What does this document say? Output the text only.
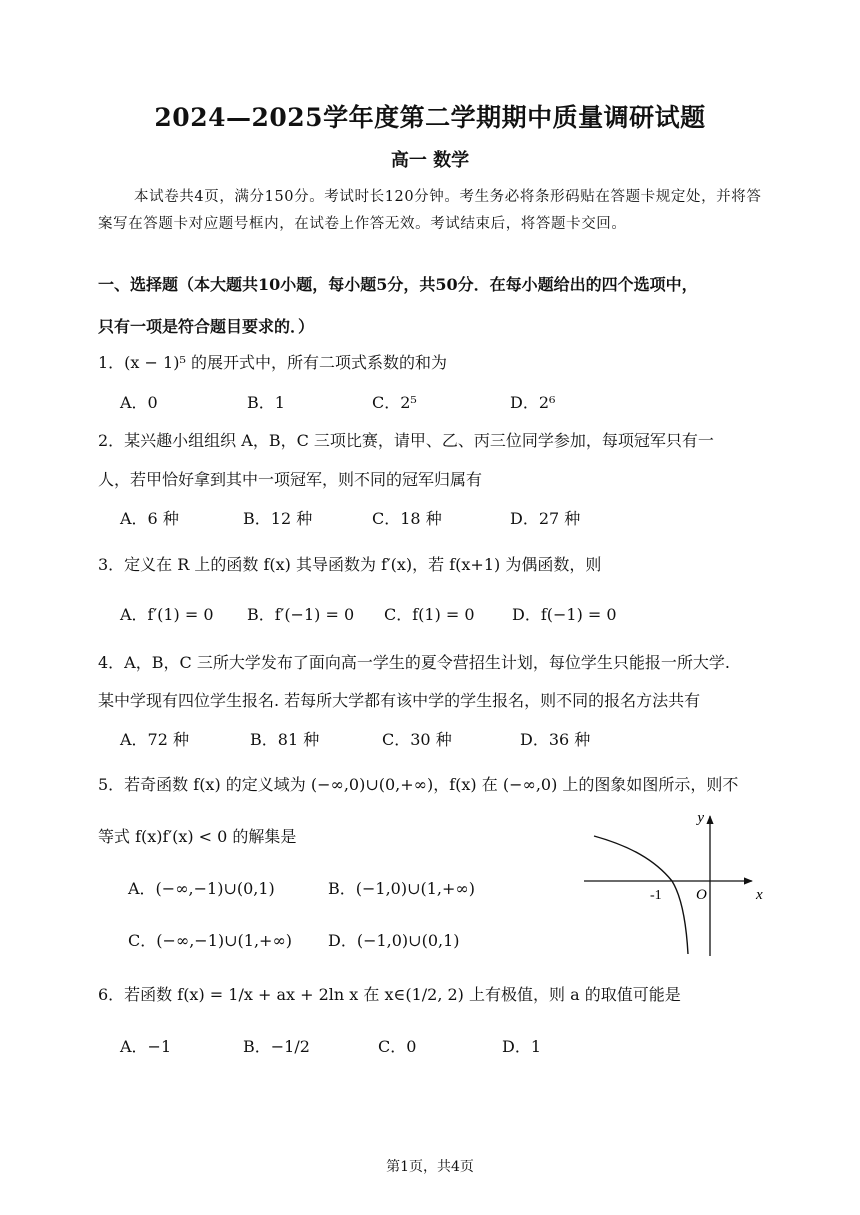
2024—2025学年度第二学期期中质量调研试题
高一 数学
本试卷共4页，满分150分。考试时长120分钟。考生务必将条形码贴在答题卡规定处，并将答案写在答题卡对应题号框内，在试卷上作答无效。考试结束后，将答题卡交回。
一、选择题（本大题共10小题，每小题5分，共50分．在每小题给出的四个选项中，
只有一项是符合题目要求的．）
1．(x − 1)⁵ 的展开式中，所有二项式系数的和为
A．0	B．1	C．2⁵	D．2⁶
2．某兴趣小组组织 A，B，C 三项比赛，请甲、乙、丙三位同学参加，每项冠军只有一
人，若甲恰好拿到其中一项冠军，则不同的冠军归属有
A．6 种	B．12 种	C．18 种	D．27 种
3．定义在 R 上的函数 f(x) 其导函数为 f′(x)，若 f(x+1) 为偶函数，则
A．f′(1) = 0 B．f′(−1) = 0 C．f(1) = 0 D．f(−1) = 0
4．A，B，C 三所大学发布了面向高一学生的夏令营招生计划，每位学生只能报一所大学.
某中学现有四位学生报名. 若每所大学都有该中学的学生报名，则不同的报名方法共有
A．72 种	B．81 种	C．30 种	D．36 种
5．若奇函数 f(x) 的定义域为 (−∞,0)∪(0,+∞)，f(x) 在 (−∞,0) 上的图象如图所示，则不
等式 f(x)f′(x) < 0 的解集是
A．(−∞,−1)∪(0,1)	B．(−1,0)∪(1,+∞)
C．(−∞,−1)∪(1,+∞) D．(−1,0)∪(0,1)
y
x
O
-1
6．若函数 f(x) = 1/x + ax + 2ln x 在 x∈(1/2, 2) 上有极值，则 a 的取值可能是
A．−1	B．−1/2	C．0	D．1
第1页，共4页
